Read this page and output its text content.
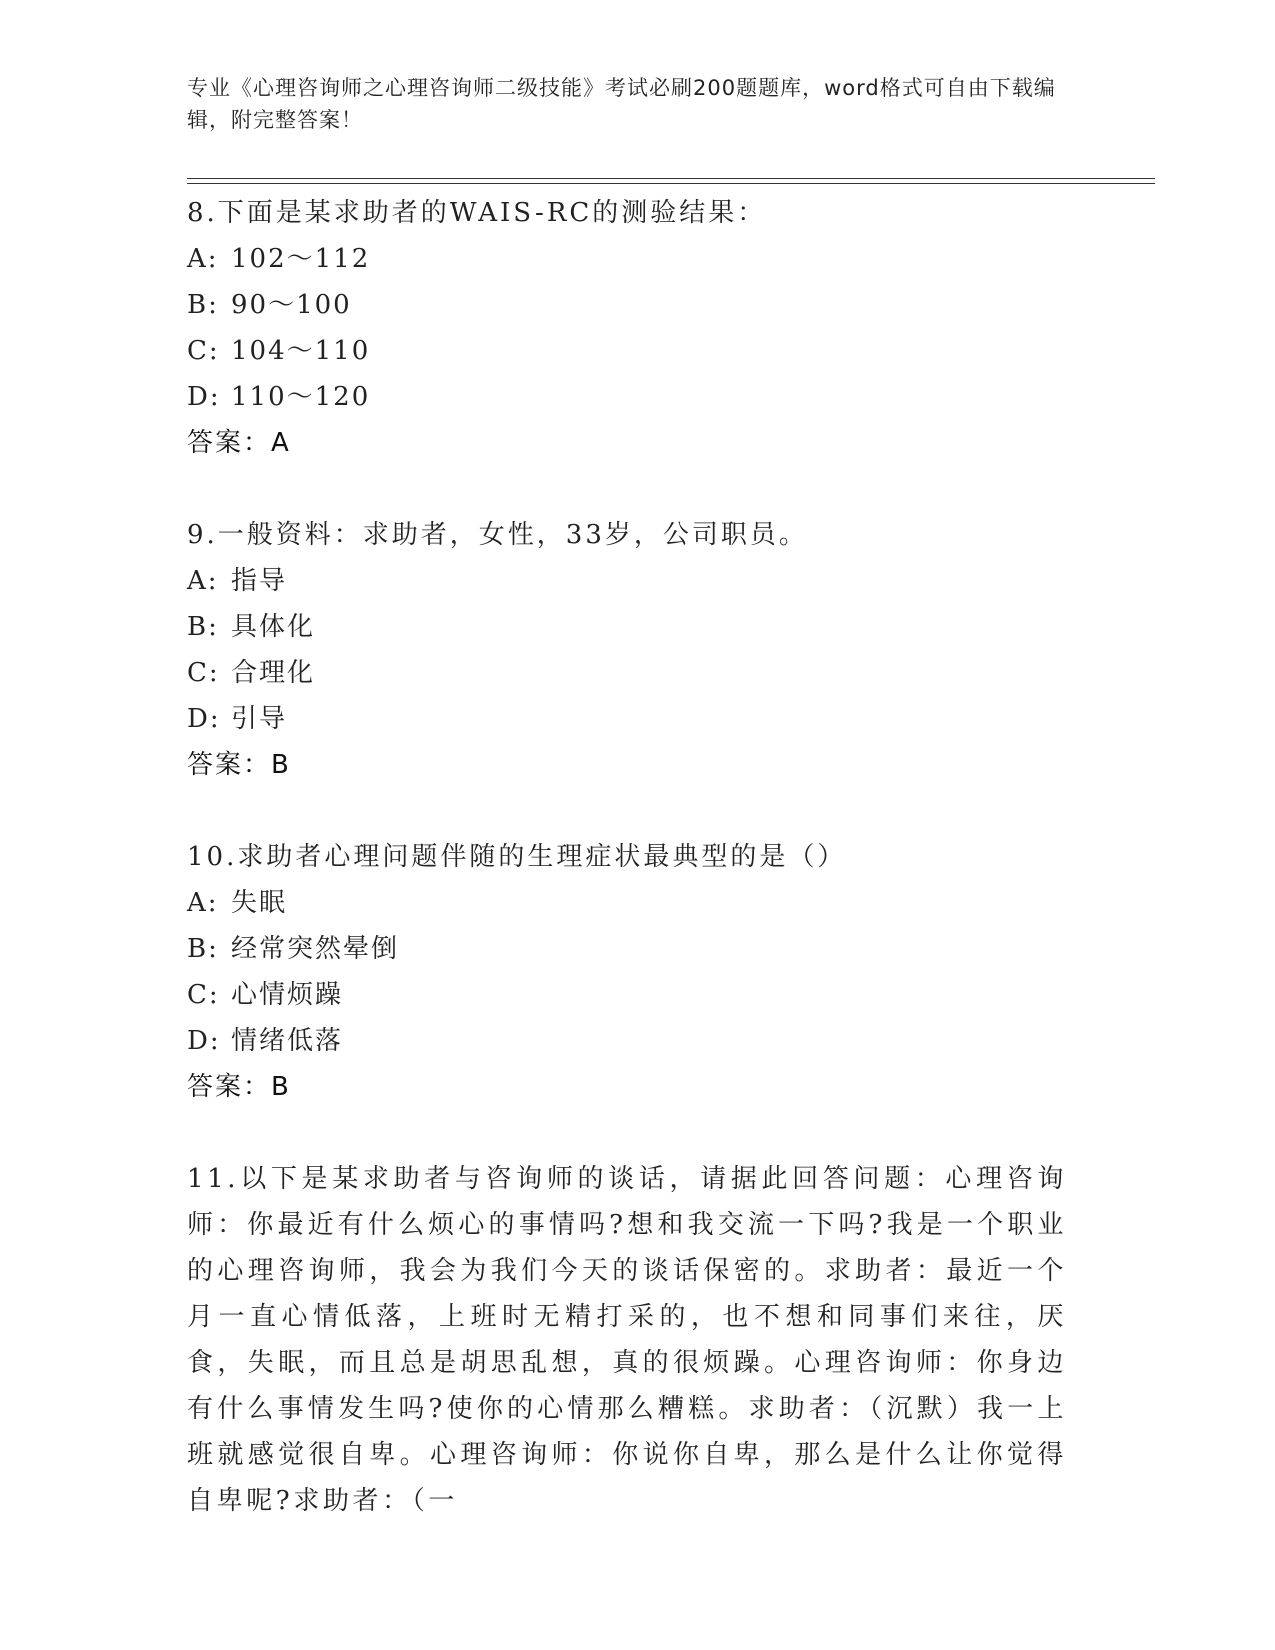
专业《心理咨询师之心理咨询师二级技能》考试必刷200题题库，word格式可自由下载编辑，附完整答案！
8.下面是某求助者的WAIS-RC的测验结果：
A: 102～112
B: 90～100
C: 104～110
D: 110～120
答案：A
9.一般资料：求助者，女性，33岁，公司职员。
A: 指导
B: 具体化
C: 合理化
D: 引导
答案：B
10.求助者心理问题伴随的生理症状最典型的是（）
A: 失眠
B: 经常突然晕倒
C: 心情烦躁
D: 情绪低落
答案：B
11.以下是某求助者与咨询师的谈话，请据此回答问题：心理咨询师：你最近有什么烦心的事情吗?想和我交流一下吗?我是一个职业的心理咨询师，我会为我们今天的谈话保密的。求助者：最近一个月一直心情低落，上班时无精打采的，也不想和同事们来往，厌食，失眠，而且总是胡思乱想，真的很烦躁。心理咨询师：你身边有什么事情发生吗?使你的心情那么糟糕。求助者：（沉默）我一上班就感觉很自卑。心理咨询师：你说你自卑，那么是什么让你觉得自卑呢?求助者：（一
